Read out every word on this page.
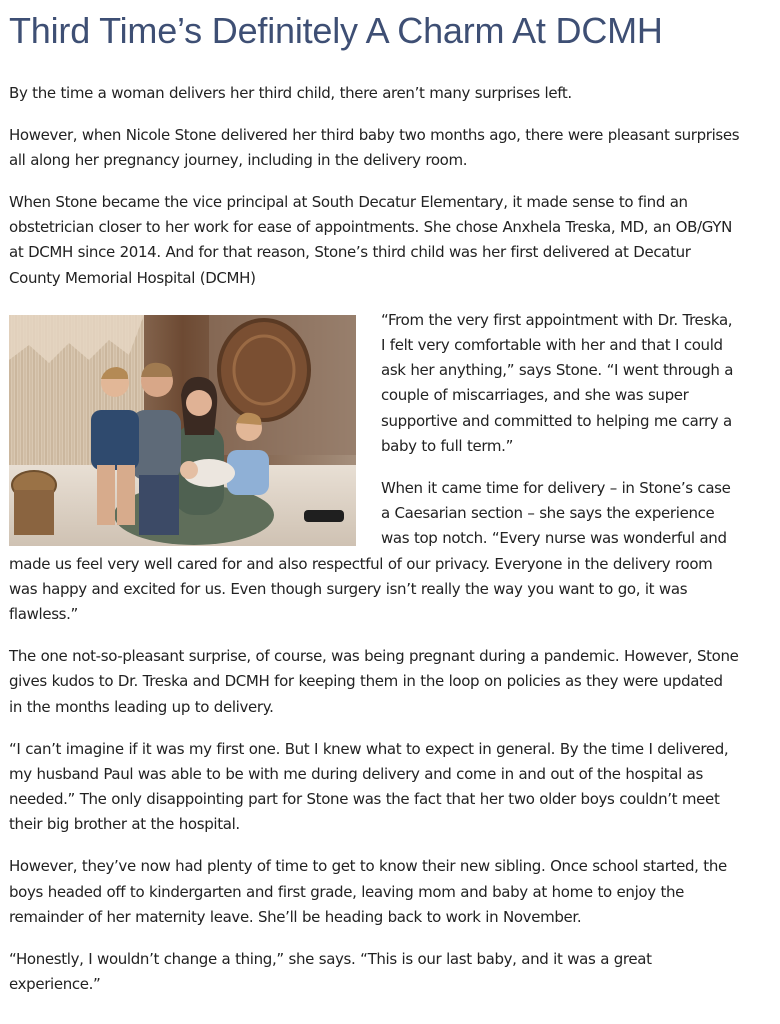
Third Time’s Definitely A Charm At DCMH

By the time a woman delivers her third child, there aren’t many surprises left.

However, when Nicole Stone delivered her third baby two months ago, there were pleasant surprises all along her pregnancy journey, including in the delivery room.

When Stone became the vice principal at South Decatur Elementary, it made sense to find an obstetrician closer to her work for ease of appointments. She chose Anxhela Treska, MD, an OB/GYN at DCMH since 2014. And for that reason, Stone’s third child was her first delivered at Decatur County Memorial Hospital (DCMH)

“From the very first appointment with Dr. Treska, I felt very comfortable with her and that I could ask her anything,” says Stone. “I went through a couple of miscarriages, and she was super supportive and committed to helping me carry a baby to full term.”

When it came time for delivery – in Stone’s case a Caesarian section – she says the experience was top notch. “Every nurse was wonderful and made us feel very well cared for and also respectful of our privacy. Everyone in the delivery room was happy and excited for us. Even though surgery isn’t really the way you want to go, it was flawless.”

The one not-so-pleasant surprise, of course, was being pregnant during a pandemic. However, Stone gives kudos to Dr. Treska and DCMH for keeping them in the loop on policies as they were updated in the months leading up to delivery.

“I can’t imagine if it was my first one. But I knew what to expect in general. By the time I delivered, my husband Paul was able to be with me during delivery and come in and out of the hospital as needed.” The only disappointing part for Stone was the fact that her two older boys couldn’t meet their big brother at the hospital.

However, they’ve now had plenty of time to get to know their new sibling. Once school started, the boys headed off to kindergarten and first grade, leaving mom and baby at home to enjoy the remainder of her maternity leave. She’ll be heading back to work in November.

“Honestly, I wouldn’t change a thing,” she says. “This is our last baby, and it was a great experience.”
